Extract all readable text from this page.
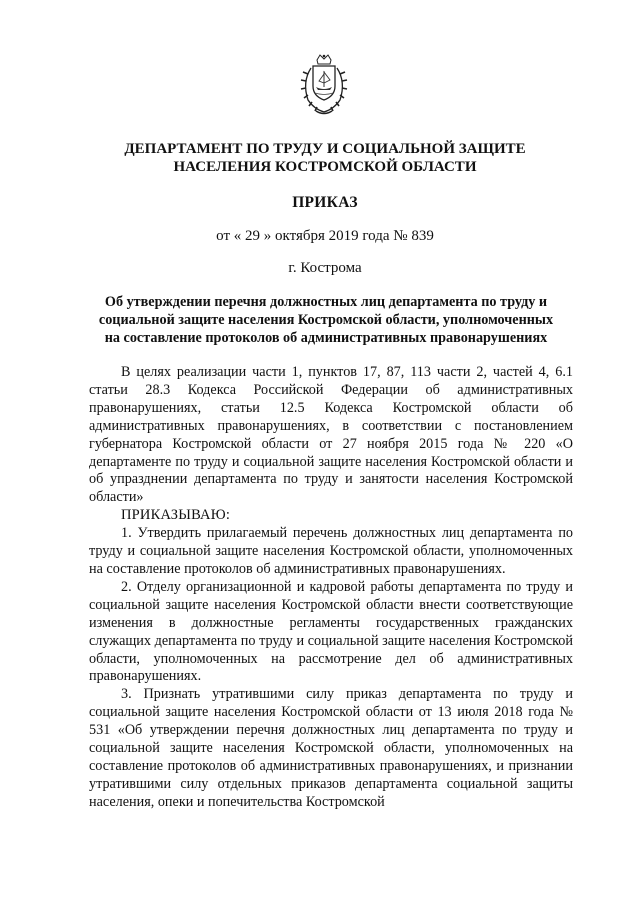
ДЕПАРТАМЕНТ ПО ТРУДУ И СОЦИАЛЬНОЙ ЗАЩИТЕ
НАСЕЛЕНИЯ КОСТРОМСКОЙ ОБЛАСТИ
ПРИКАЗ
от « 29 » октября 2019 года № 839
г. Кострома
Об утверждении перечня должностных лиц департамента по труду и
социальной защите населения Костромской области, уполномоченных
на составление протоколов об административных правонарушениях

В целях реализации части 1, пунктов 17, 87, 113 части 2, частей 4, 6.1 статьи 28.3 Кодекса Российской Федерации об административных правонарушениях, статьи 12.5 Кодекса Костромской области об административных правонарушениях, в соответствии с постановлением губернатора Костромской области от 27 ноября 2015 года № 220 «О департаменте по труду и социальной защите населения Костромской области и об упразднении департамента по труду и занятости населения Костромской области»

ПРИКАЗЫВАЮ:

1. Утвердить прилагаемый перечень должностных лиц департамента по труду и социальной защите населения Костромской области, уполномоченных на составление протоколов об административных правонарушениях.

2. Отделу организационной и кадровой работы департамента по труду и социальной защите населения Костромской области внести соответствующие изменения в должностные регламенты государственных гражданских служащих департамента по труду и социальной защите населения Костромской области, уполномоченных на рассмотрение дел об административных правонарушениях.

3. Признать утратившими силу приказ департамента по труду и социальной защите населения Костромской области от 13 июля 2018 года № 531 «Об утверждении перечня должностных лиц департамента по труду и социальной защите населения Костромской области, уполномоченных на составление протоколов об административных правонарушениях, и признании утратившими силу отдельных приказов департамента социальной защиты населения, опеки и попечительства Костромской
